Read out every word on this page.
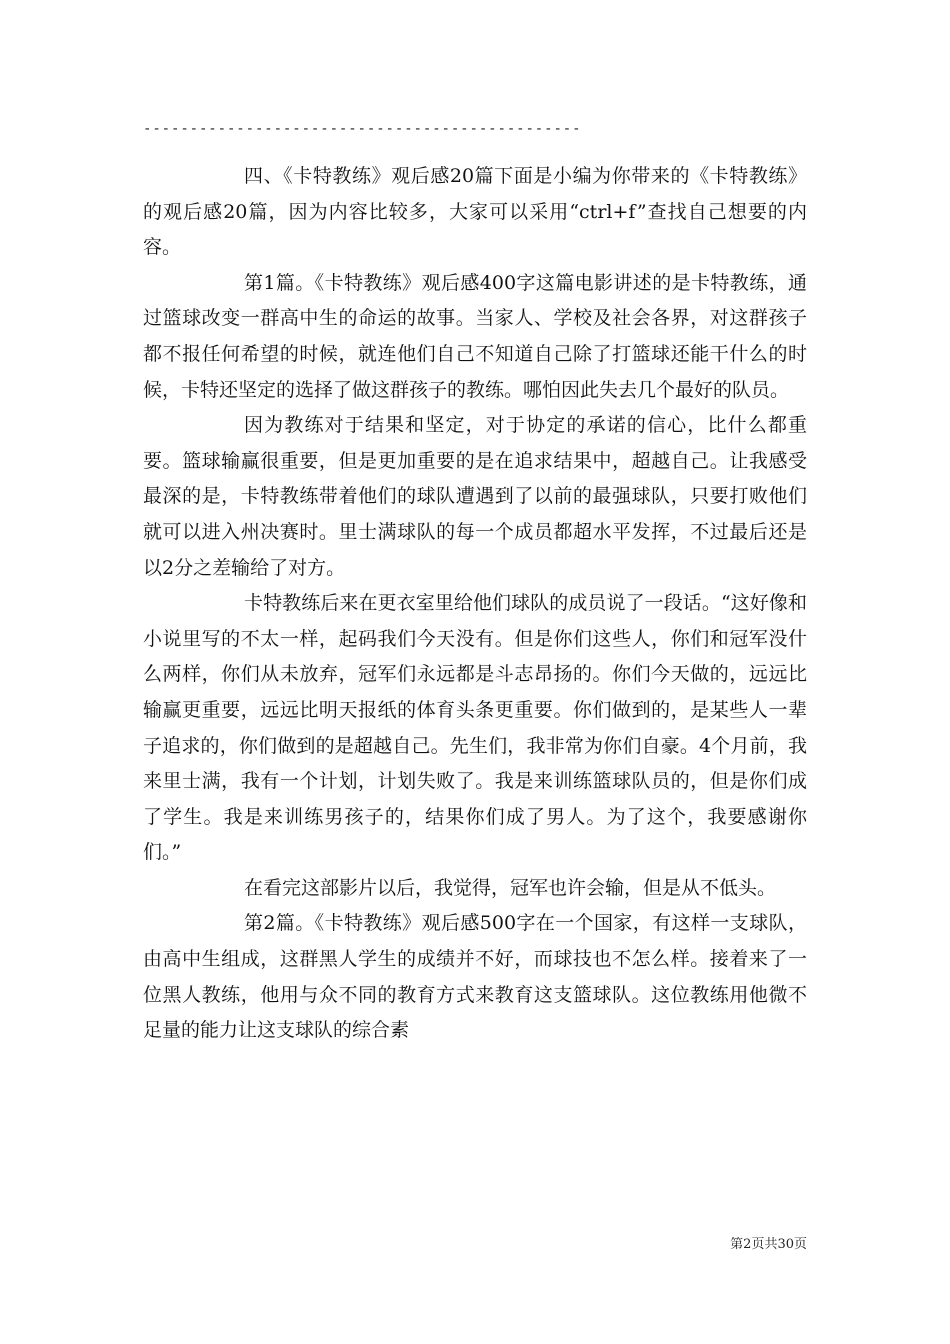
-----------------------------------------------

四、《卡特教练》观后感20篇下面是小编为你带来的《卡特教练》的观后感20篇，因为内容比较多，大家可以采用“ctrl+f”查找自己想要的内容。

第1篇。《卡特教练》观后感400字这篇电影讲述的是卡特教练，通过篮球改变一群高中生的命运的故事。当家人、学校及社会各界，对这群孩子都不报任何希望的时候，就连他们自己不知道自己除了打篮球还能干什么的时候，卡特还坚定的选择了做这群孩子的教练。哪怕因此失去几个最好的队员。

因为教练对于结果和坚定，对于协定的承诺的信心，比什么都重要。篮球输赢很重要，但是更加重要的是在追求结果中，超越自己。让我感受最深的是，卡特教练带着他们的球队遭遇到了以前的最强球队，只要打败他们就可以进入州决赛时。里士满球队的每一个成员都超水平发挥，不过最后还是以2分之差输给了对方。

卡特教练后来在更衣室里给他们球队的成员说了一段话。“这好像和小说里写的不太一样，起码我们今天没有。但是你们这些人，你们和冠军没什么两样，你们从未放弃，冠军们永远都是斗志昂扬的。你们今天做的，远远比输赢更重要，远远比明天报纸的体育头条更重要。你们做到的，是某些人一辈子追求的，你们做到的是超越自己。先生们，我非常为你们自豪。4个月前，我来里士满，我有一个计划，计划失败了。我是来训练篮球队员的，但是你们成了学生。我是来训练男孩子的，结果你们成了男人。为了这个，我要感谢你们。”

在看完这部影片以后，我觉得，冠军也许会输，但是从不低头。

第2篇。《卡特教练》观后感500字在一个国家，有这样一支球队，由高中生组成，这群黑人学生的成绩并不好，而球技也不怎么样。接着来了一位黑人教练，他用与众不同的教育方式来教育这支篮球队。这位教练用他微不足量的能力让这支球队的综合素

第2页共30页
